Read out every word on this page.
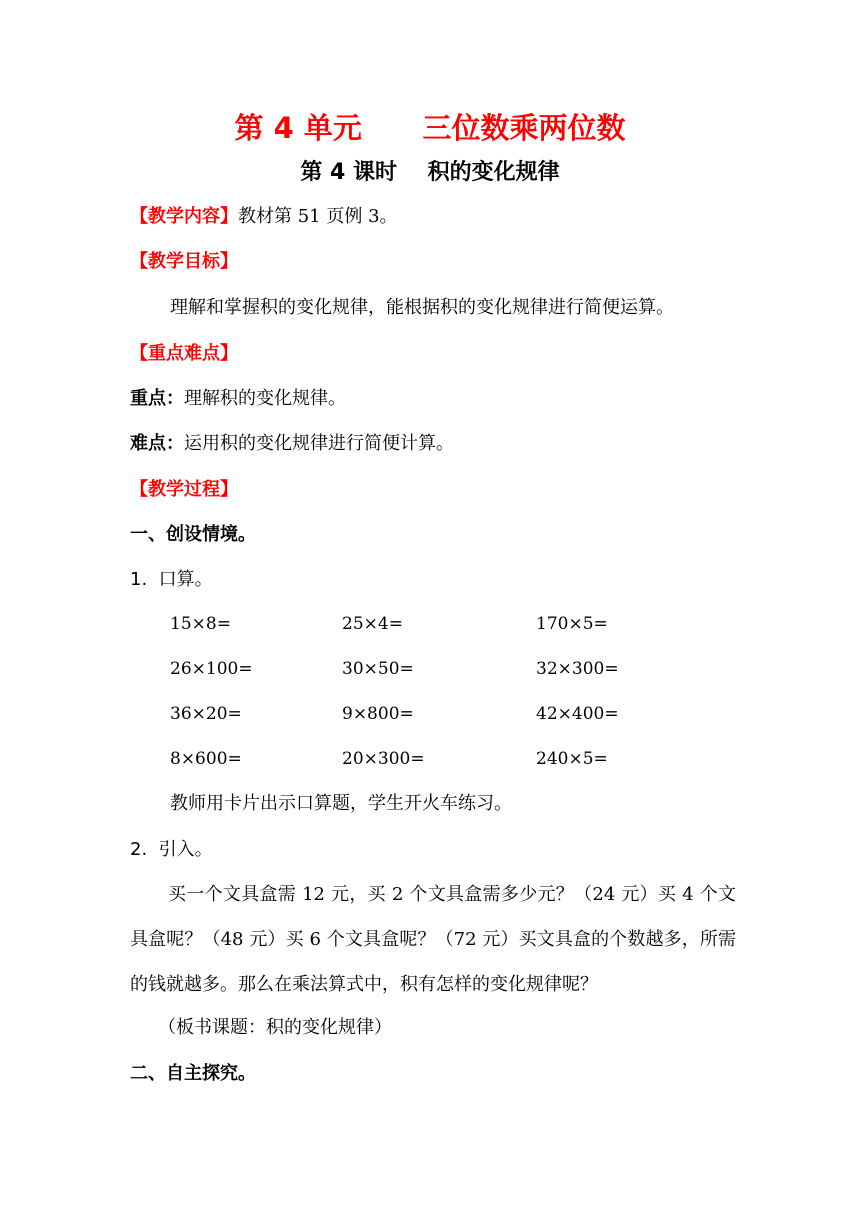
第 4 单元      三位数乘两位数
第 4 课时    积的变化规律
【教学内容】教材第 51 页例 3。
【教学目标】
理解和掌握积的变化规律，能根据积的变化规律进行简便运算。
【重点难点】
重点：理解积的变化规律。
难点：运用积的变化规律进行简便计算。
【教学过程】
一、创设情境。
1. 口算。
15×8=	25×4=	170×5=
26×100=	30×50=	32×300=
36×20=	9×800=	42×400=
8×600=	20×300=	240×5=
教师用卡片出示口算题，学生开火车练习。
2. 引入。
买一个文具盒需 12 元，买 2 个文具盒需多少元？（24 元）买 4 个文具盒呢？（48 元）买 6 个文具盒呢？（72 元）买文具盒的个数越多，所需的钱就越多。那么在乘法算式中，积有怎样的变化规律呢？
（板书课题：积的变化规律）
二、自主探究。
